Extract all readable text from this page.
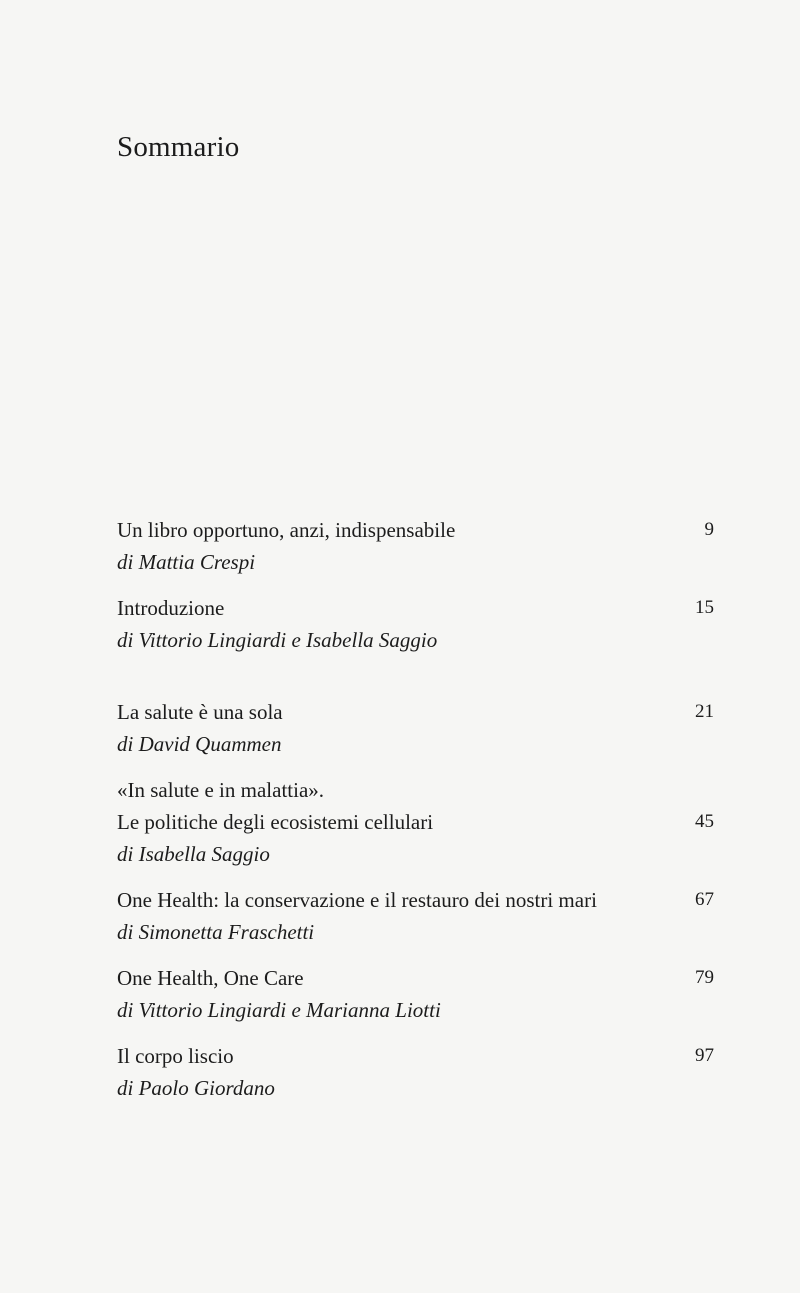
Sommario
Un libro opportuno, anzi, indispensabile	9
di Mattia Crespi
Introduzione	15
di Vittorio Lingiardi e Isabella Saggio
La salute è una sola	21
di David Quammen
«In salute e in malattia».
Le politiche degli ecosistemi cellulari	45
di Isabella Saggio
One Health: la conservazione e il restauro dei nostri mari	67
di Simonetta Fraschetti
One Health, One Care	79
di Vittorio Lingiardi e Marianna Liotti
Il corpo liscio	97
di Paolo Giordano
